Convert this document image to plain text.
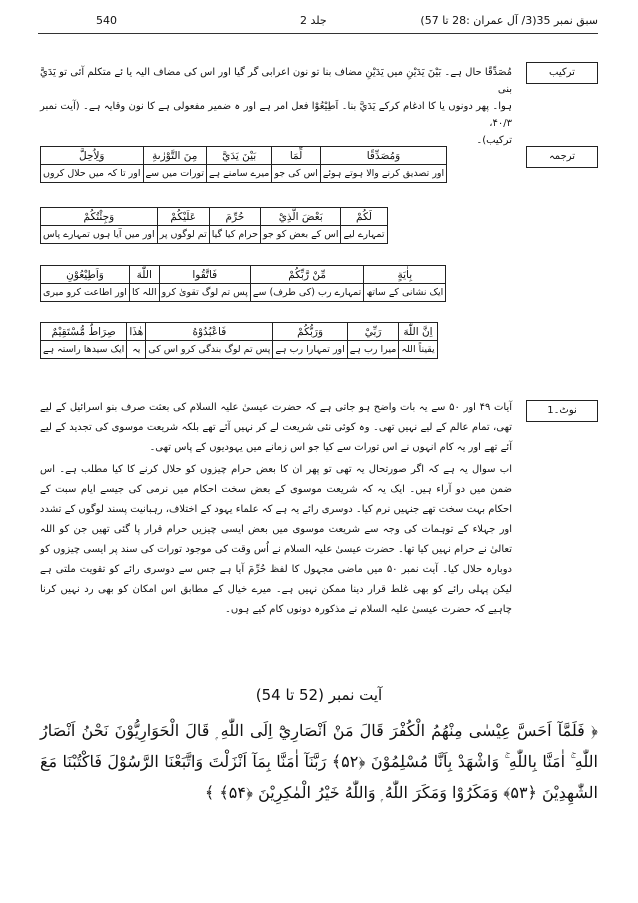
540	جلد 2	سبق نمبر 35(3/ آل عمران :28 تا 57)
ترکیب
مُصَدِّقًا حال ہے۔ بَيْنَ يَدَيْنِ میں يَدَيْنِ مضاف بنا تو نون اعرابی گر گیا اور اس کی مضاف الیہ یا ئے متکلم آئی تو يَدَيَّ بنی
ہوا۔ پھر دونوں یا کا ادغام کرکے يَدَيَّ بنا۔ اَطِيْعُوْا فعل امر ہے اور ہ ضمیر مفعولی ہے کا نون وقایہ ہے۔ (آیت نمبر ۴۰/۳،
ترکیب)۔
ترجمہ
وَمُصَدِّقًا	لِّمَا	بَيْنَ يَدَيَّ	مِنَ التَّوْرٰىةِ	وَلِاُحِلَّ
اور تصدیق کرنے والا ہوتے ہوئے	اس کی جو	میرے سامنے ہے	تورات میں سے	اور تا کہ میں حلال کروں
لَكُمْ	بَعْضَ الَّذِيْ	حُرِّمَ	عَلَيْكُمْ	وَجِئْتُكُمْ
تمہارے لیے	اس کے بعض کو جو	حرام کیا گیا	تم لوگوں پر	اور میں آیا ہوں تمہارے پاس
بِاٰيَةٍ	مِّنْ رَّبِّكُمْ	فَاتَّقُوا	اللّٰهَ	وَاَطِيْعُوْنِ
ایک نشانی کے ساتھ	تمہارے رب (کی طرف) سے	پس تم لوگ تقویٰ کرو	اللہ کا	اور اطاعت کرو میری
اِنَّ اللّٰهَ	رَبِّيْ	وَرَبُّكُمْ	فَاعْبُدُوْهُ	هٰذَا	صِرَاطٌ مُّسْتَقِيْمٌ
یقیناً اللہ	میرا رب ہے	اور تمہارا رب ہے	پس تم لوگ بندگی کرو اس کی	یہ	ایک سیدھا راستہ ہے
نوٹ۔1

آیات ۴۹ اور ۵۰ سے یہ بات واضح ہو جاتی ہے کہ حضرت عیسیٰ علیہ السلام کی بعثت صرف بنو اسرائیل کے لیے تھی، تمام عالم کے لیے نہیں تھی۔ وہ کوئی نئی شریعت لے کر نہیں آئے تھے بلکہ شریعت موسوی کی تجدید کے لیے آئے تھے اور یہ کام انہوں نے اس تورات سے کیا جو اس زمانے میں یہودیوں کے پاس تھی۔

اب سوال یہ ہے کہ اگر صورتحال یہ تھی تو پھر ان کا بعض حرام چیزوں کو حلال کرنے کا کیا مطلب ہے۔ اس ضمن میں دو آراء ہیں۔ ایک یہ کہ شریعت موسوی کے بعض سخت احکام میں نرمی کی جیسے ایام سبت کے احکام بہت سخت تھے جنہیں نرم کیا۔ دوسری رائے یہ ہے کہ علماء یہود کے اختلاف، رہبانیت پسند لوگوں کے تشدد اور جہلاء کے توہمات کی وجہ سے شریعت موسوی میں بعض ایسی چیزیں حرام قرار پا گئی تھیں جن کو اللہ تعالیٰ نے حرام نہیں کیا تھا۔ حضرت عیسیٰ علیہ السلام نے اُس وقت کی موجود تورات کی سند پر ایسی چیزوں کو دوبارہ حلال کیا۔ آیت نمبر ۵۰ میں ماضی مجہول کا لفظ حُرِّمَ آیا ہے جس سے دوسری رائے کو تقویت ملتی ہے لیکن پہلی رائے کو بھی غلط قرار دینا ممکن نہیں ہے۔ میرے خیال کے مطابق اس امکان کو بھی رد نہیں کرنا چاہیے کہ حضرت عیسیٰ علیہ السلام نے مذکورہ دونوں کام کیے ہوں۔

آیت نمبر (52 تا 54)
﴿ فَلَمَّآ اَحَسَّ عِيْسٰى مِنْهُمُ الْكُفْرَ قَالَ مَنْ اَنْصَارِيْٓ اِلَى اللّٰهِ ۭ قَالَ الْحَوَارِيُّوْنَ نَحْنُ اَنْصَارُ اللّٰهِ ۚ اٰمَنَّا بِاللّٰهِ ۚ وَاشْهَدْ بِاَنَّا مُسْلِمُوْنَ ﴿۵۲﴾ رَبَّنَآ اٰمَنَّا بِمَآ اَنْزَلْتَ وَاتَّبَعْنَا الرَّسُوْلَ فَاكْتُبْنَا مَعَ الشّٰهِدِيْنَ ﴿۵۳﴾ وَمَكَرُوْا وَمَكَرَ اللّٰهُ ۭ وَاللّٰهُ خَيْرُ الْمٰكِرِيْنَ ﴿۵۴﴾ ﴾
